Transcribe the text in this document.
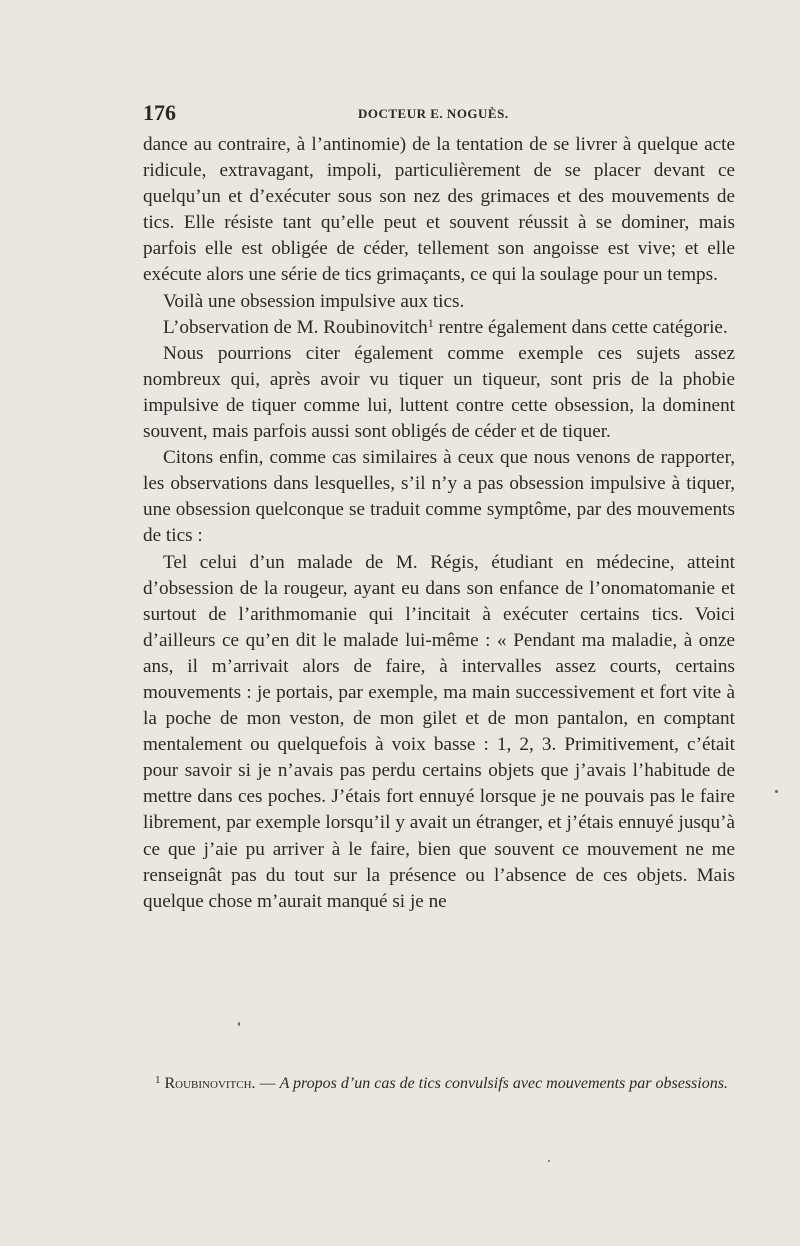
176	DOCTEUR E. NOGUÈS.

dance au contraire, à l’antinomie) de la tentation de se livrer à quelque acte ridicule, extravagant, impoli, particulièrement de se placer devant ce quelqu’un et d’exécuter sous son nez des grimaces et des mouvements de tics. Elle résiste tant qu’elle peut et souvent réussit à se dominer, mais parfois elle est obligée de céder, tellement son angoisse est vive; et elle exécute alors une série de tics grimaçants, ce qui la soulage pour un temps.

Voilà une obsession impulsive aux tics.

L’observation de M. Roubinovitch$^1$ rentre également dans cette catégorie.

Nous pourrions citer également comme exemple ces sujets assez nombreux qui, après avoir vu tiquer un tiqueur, sont pris de la phobie impulsive de tiquer comme lui, luttent contre cette obsession, la dominent souvent, mais parfois aussi sont obligés de céder et de tiquer.

Citons enfin, comme cas similaires à ceux que nous venons de rapporter, les observations dans lesquelles, s’il n’y a pas obsession impulsive à tiquer, une obsession quelconque se traduit comme symptôme, par des mouvements de tics :

Tel celui d’un malade de M. Régis, étudiant en médecine, atteint d’obsession de la rougeur, ayant eu dans son enfance de l’onomatomanie et surtout de l’arithmomanie qui l’incitait à exécuter certains tics. Voici d’ailleurs ce qu’en dit le malade lui-même : « Pendant ma maladie, à onze ans, il m’arrivait alors de faire, à intervalles assez courts, certains mouvements : je portais, par exemple, ma main successivement et fort vite à la poche de mon veston, de mon gilet et de mon pantalon, en comptant mentalement ou quelquefois à voix basse : 1, 2, 3. Primitivement, c’était pour savoir si je n’avais pas perdu certains objets que j’avais l’habitude de mettre dans ces poches. J’étais fort ennuyé lorsque je ne pouvais pas le faire librement, par exemple lorsqu’il y avait un étranger, et j’étais ennuyé jusqu’à ce que j’aie pu arriver à le faire, bien que souvent ce mouvement ne me renseignât pas du tout sur la présence ou l’absence de ces objets. Mais quelque chose m’aurait manqué si je ne

$^1$ Roubinovitch. — A propos d’un cas de tics convulsifs avec mouvements par obsessions.
